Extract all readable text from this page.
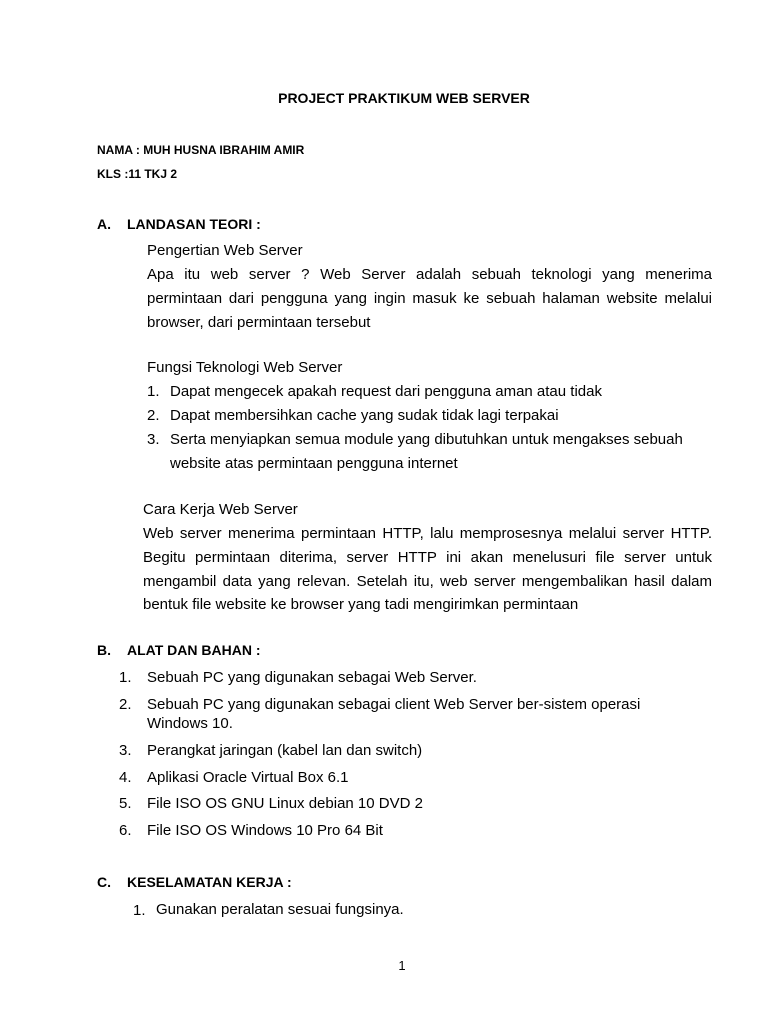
PROJECT PRAKTIKUM WEB SERVER
NAMA : MUH HUSNA IBRAHIM AMIR
KLS :11 TKJ 2
A. LANDASAN TEORI :
Pengertian Web Server
Apa itu web server ? Web Server adalah sebuah teknologi yang menerima
permintaan dari pengguna yang ingin masuk ke sebuah halaman website melalui
browser, dari permintaan tersebut
Fungsi Teknologi Web Server
1. Dapat mengecek apakah request dari pengguna aman atau tidak
2. Dapat membersihkan cache yang sudak tidak lagi terpakai
3. Serta menyiapkan semua module yang dibutuhkan untuk mengakses sebuah
website atas permintaan pengguna internet
Cara Kerja Web Server
Web server menerima permintaan HTTP, lalu memprosesnya melalui server HTTP.
Begitu permintaan diterima, server HTTP ini akan menelusuri file server untuk
mengambil data yang relevan. Setelah itu, web server mengembalikan hasil dalam
bentuk file website ke browser yang tadi mengirimkan permintaan
B. ALAT DAN BAHAN :
1. Sebuah PC yang digunakan sebagai Web Server.
2. Sebuah PC yang digunakan sebagai client Web Server ber-sistem operasi
Windows 10.
3. Perangkat jaringan (kabel lan dan switch)
4. Aplikasi Oracle Virtual Box 6.1
5. File ISO OS GNU Linux debian 10 DVD 2
6. File ISO OS Windows 10 Pro 64 Bit
C. KESELAMATAN KERJA :
1. Gunakan peralatan sesuai fungsinya.
1
